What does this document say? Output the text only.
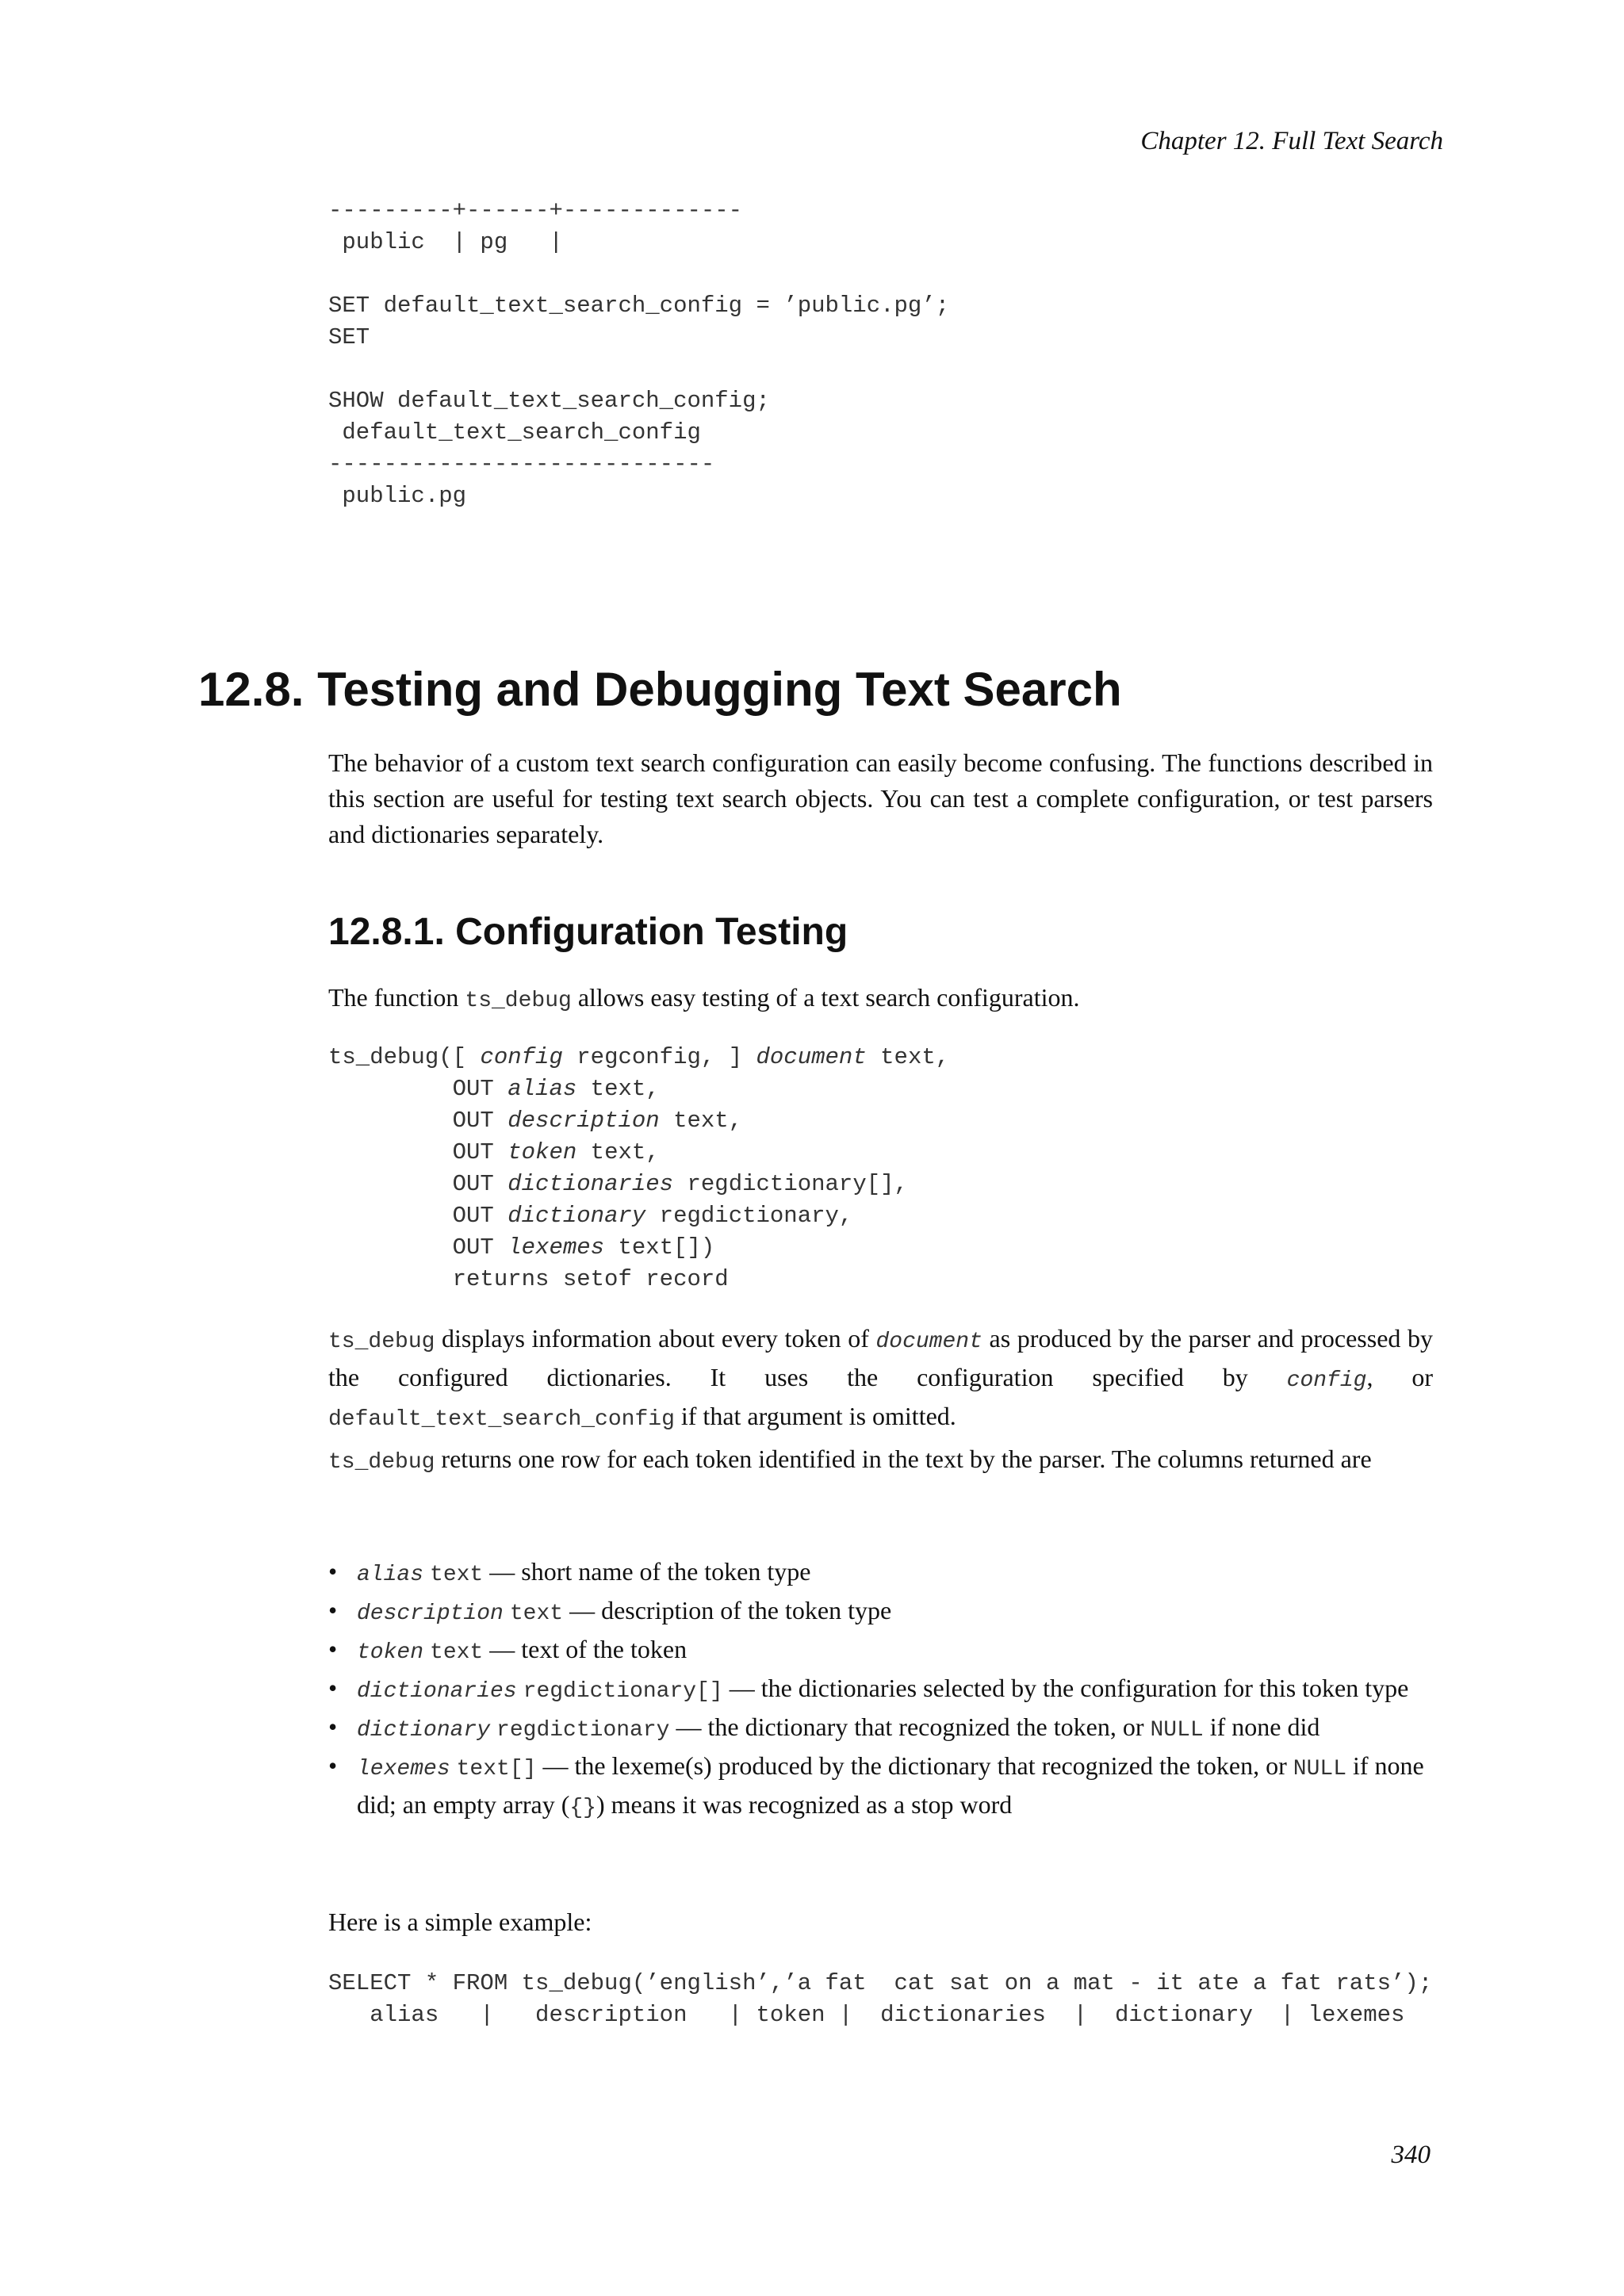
Chapter 12. Full Text Search
---------+------+-------------
public  | pg   |

SET default_text_search_config = ’public.pg’;
SET

SHOW default_text_search_config;
default_text_search_config
----------------------------
public.pg
12.8. Testing and Debugging Text Search

The behavior of a custom text search configuration can easily become confusing. The functions described in this section are useful for testing text search objects. You can test a complete configuration, or test parsers and dictionaries separately.

12.8.1. Configuration Testing

The function ts_debug allows easy testing of a text search configuration.

ts_debug([ config regconfig, ] document text,
OUT alias text,
OUT description text,
OUT token text,
OUT dictionaries regdictionary[],
OUT dictionary regdictionary,
OUT lexemes text[])
returns setof record

ts_debug displays information about every token of document as produced by the parser and processed by the configured dictionaries. It uses the configuration specified by config, or default_text_search_config if that argument is omitted.

ts_debug returns one row for each token identified in the text by the parser. The columns returned are

• alias text — short name of the token type
• description text — description of the token type
• token text — text of the token
• dictionaries regdictionary[] — the dictionaries selected by the configuration for this token type
• dictionary regdictionary — the dictionary that recognized the token, or NULL if none did
• lexemes text[] — the lexeme(s) produced by the dictionary that recognized the token, or NULL if none did; an empty array ({}) means it was recognized as a stop word

Here is a simple example:

SELECT * FROM ts_debug(’english’,’a fat  cat sat on a mat - it ate a fat rats’);
alias   |   description   | token |  dictionaries  |  dictionary  | lexemes
340
